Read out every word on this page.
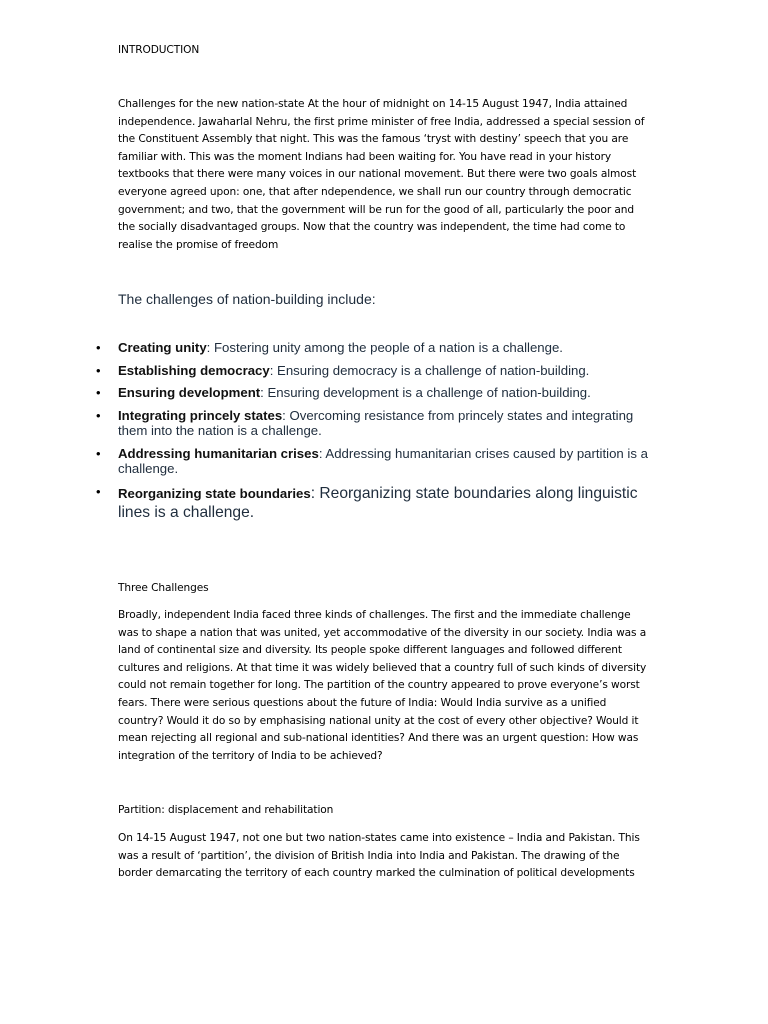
INTRODUCTION
Challenges for the new nation-state At the hour of midnight on 14-15 August 1947, India attained
independence. Jawaharlal Nehru, the first prime minister of free India, addressed a special session of
the Constituent Assembly that night. This was the famous ‘tryst with destiny’ speech that you are
familiar with. This was the moment Indians had been waiting for. You have read in your history
textbooks that there were many voices in our national movement. But there were two goals almost
everyone agreed upon: one, that after ndependence, we shall run our country through democratic
government; and two, that the government will be run for the good of all, particularly the poor and
the socially disadvantaged groups. Now that the country was independent, the time had come to
realise the promise of freedom
The challenges of nation-building include:
• Creating unity: Fostering unity among the people of a nation is a challenge.
• Establishing democracy: Ensuring democracy is a challenge of nation-building.
• Ensuring development: Ensuring development is a challenge of nation-building.
• Integrating princely states: Overcoming resistance from princely states and integrating them into the nation is a challenge.
• Addressing humanitarian crises: Addressing humanitarian crises caused by partition is a challenge.
• Reorganizing state boundaries: Reorganizing state boundaries along linguistic lines is a challenge.
Three Challenges
Broadly, independent India faced three kinds of challenges. The first and the immediate challenge
was to shape a nation that was united, yet accommodative of the diversity in our society. India was a
land of continental size and diversity. Its people spoke different languages and followed different
cultures and religions. At that time it was widely believed that a country full of such kinds of diversity
could not remain together for long. The partition of the country appeared to prove everyone’s worst
fears. There were serious questions about the future of India: Would India survive as a unified
country? Would it do so by emphasising national unity at the cost of every other objective? Would it
mean rejecting all regional and sub-national identities? And there was an urgent question: How was
integration of the territory of India to be achieved?
Partition: displacement and rehabilitation
On 14-15 August 1947, not one but two nation-states came into existence – India and Pakistan. This
was a result of ‘partition’, the division of British India into India and Pakistan. The drawing of the
border demarcating the territory of each country marked the culmination of political developments
